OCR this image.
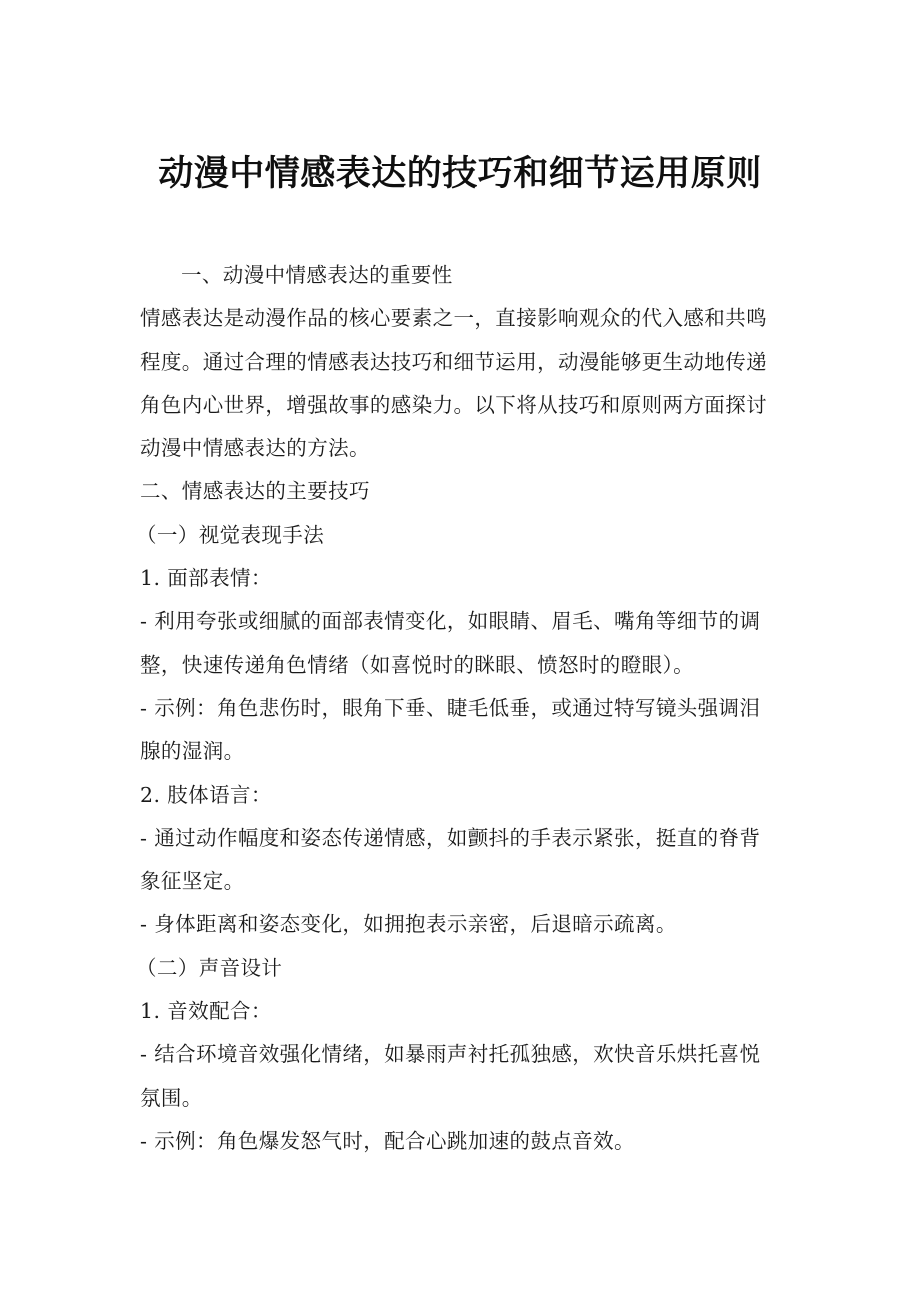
动漫中情感表达的技巧和细节运用原则

一、动漫中情感表达的重要性

情感表达是动漫作品的核心要素之一，直接影响观众的代入感和共鸣程度。通过合理的情感表达技巧和细节运用，动漫能够更生动地传递角色内心世界，增强故事的感染力。以下将从技巧和原则两方面探讨动漫中情感表达的方法。

二、情感表达的主要技巧

（一）视觉表现手法

1. 面部表情：

- 利用夸张或细腻的面部表情变化，如眼睛、眉毛、嘴角等细节的调整，快速传递角色情绪（如喜悦时的眯眼、愤怒时的瞪眼）。

- 示例：角色悲伤时，眼角下垂、睫毛低垂，或通过特写镜头强调泪腺的湿润。

2. 肢体语言：

- 通过动作幅度和姿态传递情感，如颤抖的手表示紧张，挺直的脊背象征坚定。

- 身体距离和姿态变化，如拥抱表示亲密，后退暗示疏离。

（二）声音设计

1. 音效配合：

- 结合环境音效强化情绪，如暴雨声衬托孤独感，欢快音乐烘托喜悦氛围。

- 示例：角色爆发怒气时，配合心跳加速的鼓点音效。
